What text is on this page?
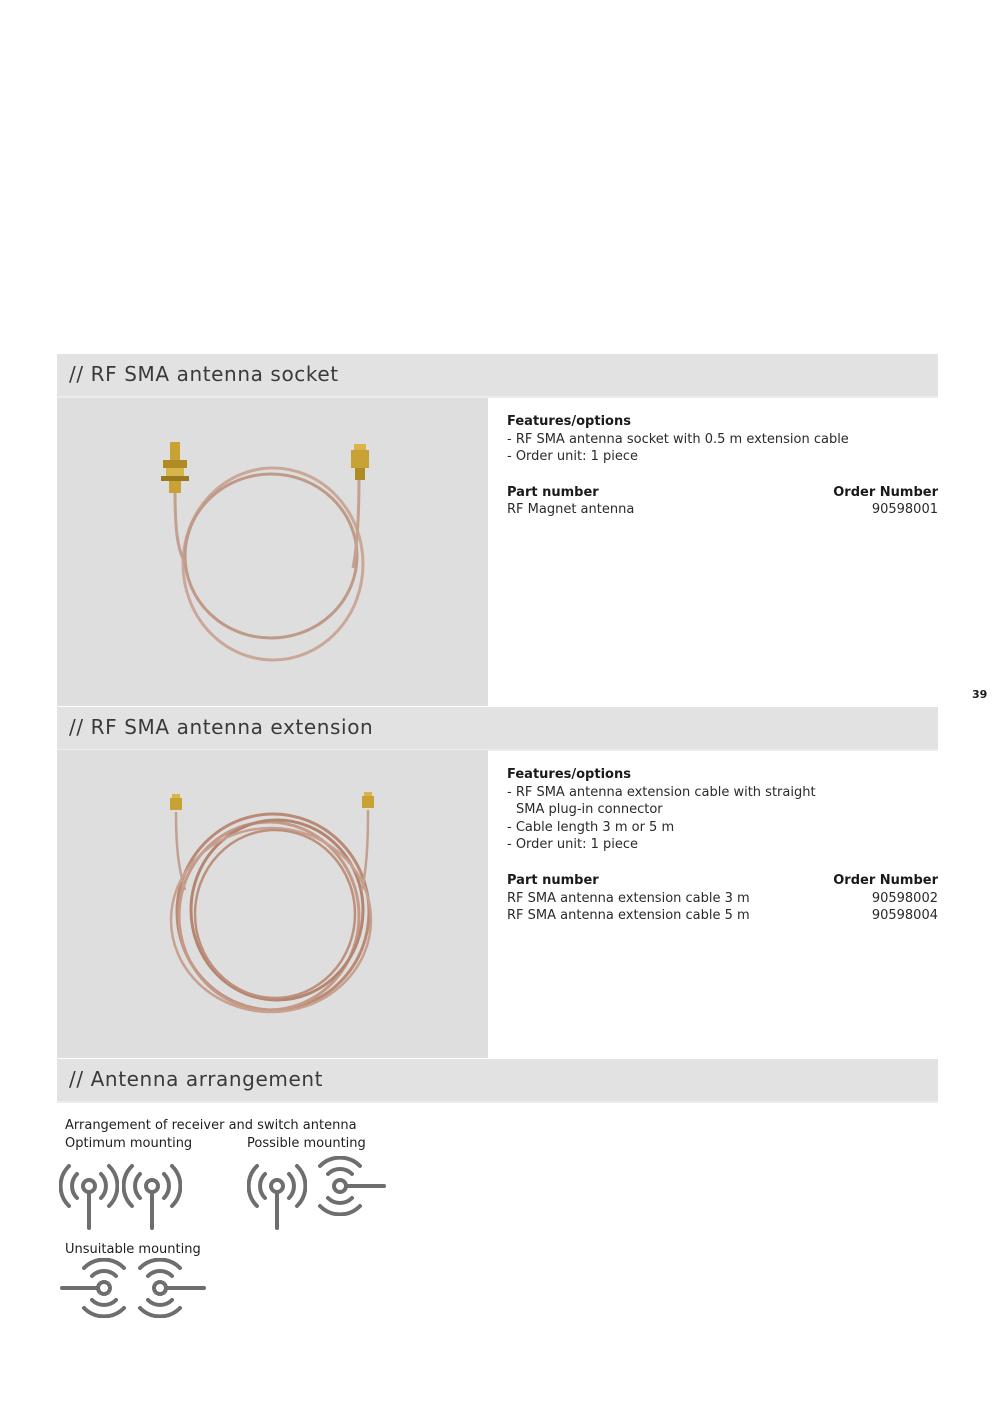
// RF SMA antenna socket
Features/options
- RF SMA antenna socket with 0.5 m extension cable
- Order unit: 1 piece
Part number	Order Number
RF Magnet antenna	90598001
39
// RF SMA antenna extension
Features/options
- RF SMA antenna extension cable with straight SMA plug-in connector
- Cable length 3 m or 5 m
- Order unit: 1 piece
Part number	Order Number
RF SMA antenna extension cable 3 m	90598002
RF SMA antenna extension cable 5 m	90598004
// Antenna arrangement
Arrangement of receiver and switch antenna
Optimum mounting	Possible mounting
Unsuitable mounting
